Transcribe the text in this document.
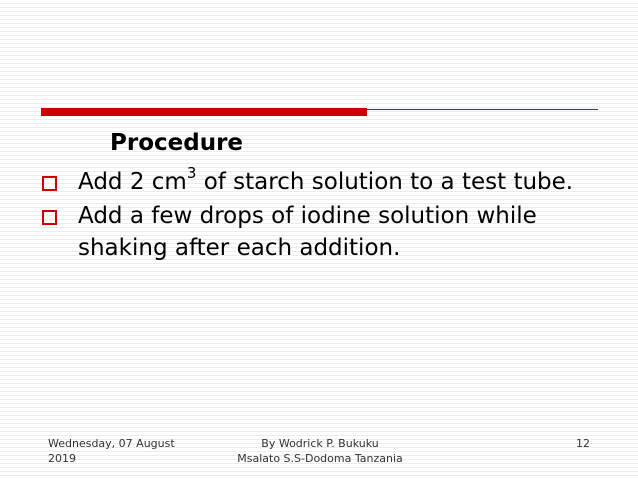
Procedure
Add 2 $cm^3$ of starch solution to a test tube.
Add a few drops of iodine solution while shaking after each addition.
Wednesday, 07 August
2019
By Wodrick P. Bukuku
Msalato S.S-Dodoma Tanzania
12
